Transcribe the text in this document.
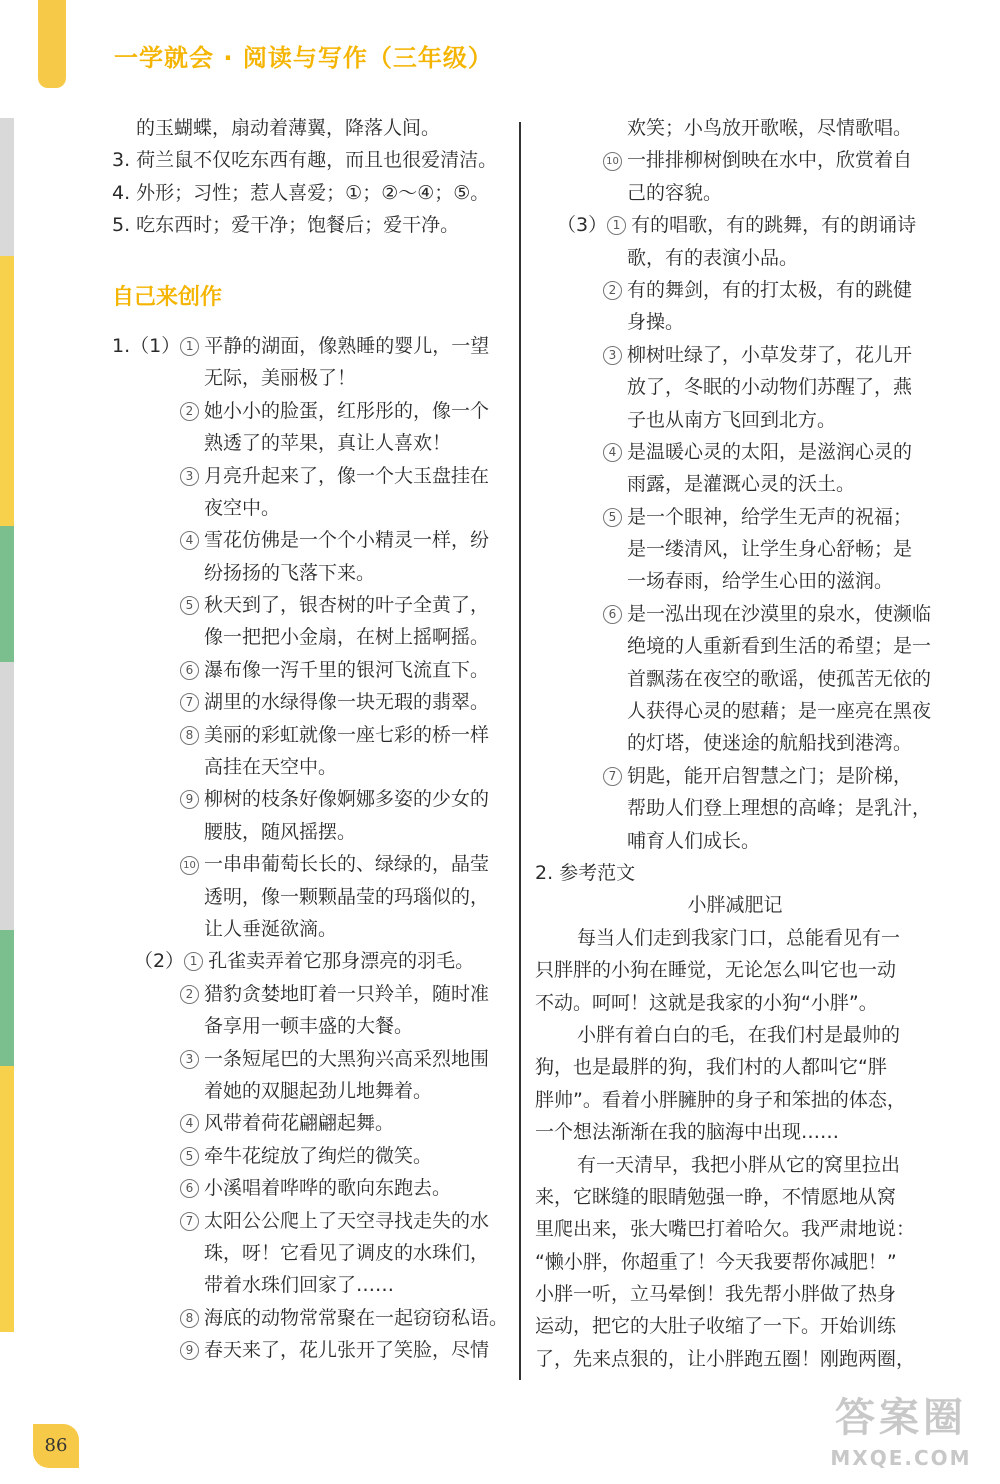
一学就会 · 阅读与写作（三年级）
的玉蝴蝶，扇动着薄翼，降落人间。
3. 荷兰鼠不仅吃东西有趣，而且也很爱清洁。
4. 外形；习性；惹人喜爱；①；②～④；⑤。
5. 吃东西时；爱干净；饱餐后；爱干净。
自己来创作
1.（1） 1 平静的湖面，像熟睡的婴儿，一望
无际，美丽极了！
2 她小小的脸蛋，红彤彤的，像一个
熟透了的苹果，真让人喜欢！
3 月亮升起来了，像一个大玉盘挂在
夜空中。
4 雪花仿佛是一个个小精灵一样，纷
纷扬扬的飞落下来。
5 秋天到了，银杏树的叶子全黄了，
像一把把小金扇，在树上摇啊摇。
6 瀑布像一泻千里的银河飞流直下。
7 湖里的水绿得像一块无瑕的翡翠。
8 美丽的彩虹就像一座七彩的桥一样
高挂在天空中。
9 柳树的枝条好像婀娜多姿的少女的
腰肢，随风摇摆。
10 一串串葡萄长长的、绿绿的，晶莹
透明，像一颗颗晶莹的玛瑙似的，
让人垂涎欲滴。
（2） 1 孔雀卖弄着它那身漂亮的羽毛。
2 猎豹贪婪地盯着一只羚羊，随时准
备享用一顿丰盛的大餐。
3 一条短尾巴的大黑狗兴高采烈地围
着她的双腿起劲儿地舞着。
4 风带着荷花翩翩起舞。
5 牵牛花绽放了绚烂的微笑。
6 小溪唱着哗哗的歌向东跑去。
7 太阳公公爬上了天空寻找走失的水
珠，呀！它看见了调皮的水珠们，
带着水珠们回家了……
8 海底的动物常常聚在一起窃窃私语。
9 春天来了，花儿张开了笑脸，尽情
欢笑；小鸟放开歌喉，尽情歌唱。
10 一排排柳树倒映在水中，欣赏着自
己的容貌。
（3） 1 有的唱歌，有的跳舞，有的朗诵诗
歌，有的表演小品。
2 有的舞剑，有的打太极，有的跳健
身操。
3 柳树吐绿了，小草发芽了，花儿开
放了，冬眠的小动物们苏醒了，燕
子也从南方飞回到北方。
4 是温暖心灵的太阳，是滋润心灵的
雨露，是灌溉心灵的沃土。
5 是一个眼神，给学生无声的祝福；
是一缕清风，让学生身心舒畅；是
一场春雨，给学生心田的滋润。
6 是一泓出现在沙漠里的泉水，使濒临
绝境的人重新看到生活的希望；是一
首飘荡在夜空的歌谣，使孤苦无依的
人获得心灵的慰藉；是一座亮在黑夜
的灯塔，使迷途的航船找到港湾。
7 钥匙，能开启智慧之门；是阶梯，
帮助人们登上理想的高峰；是乳汁，
哺育人们成长。
2. 参考范文
小胖减肥记
每当人们走到我家门口，总能看见有一
只胖胖的小狗在睡觉，无论怎么叫它也一动
不动。呵呵！这就是我家的小狗“小胖”。
小胖有着白白的毛，在我们村是最帅的
狗，也是最胖的狗，我们村的人都叫它“胖
胖帅”。看着小胖臃肿的身子和笨拙的体态，
一个想法渐渐在我的脑海中出现……
有一天清早，我把小胖从它的窝里拉出
来，它眯缝的眼睛勉强一睁，不情愿地从窝
里爬出来，张大嘴巴打着哈欠。我严肃地说：
“懒小胖，你超重了！今天我要帮你减肥！”
小胖一听，立马晕倒！我先帮小胖做了热身
运动，把它的大肚子收缩了一下。开始训练
了，先来点狠的，让小胖跑五圈！刚跑两圈，
86
答案圈
MXQE.COM
